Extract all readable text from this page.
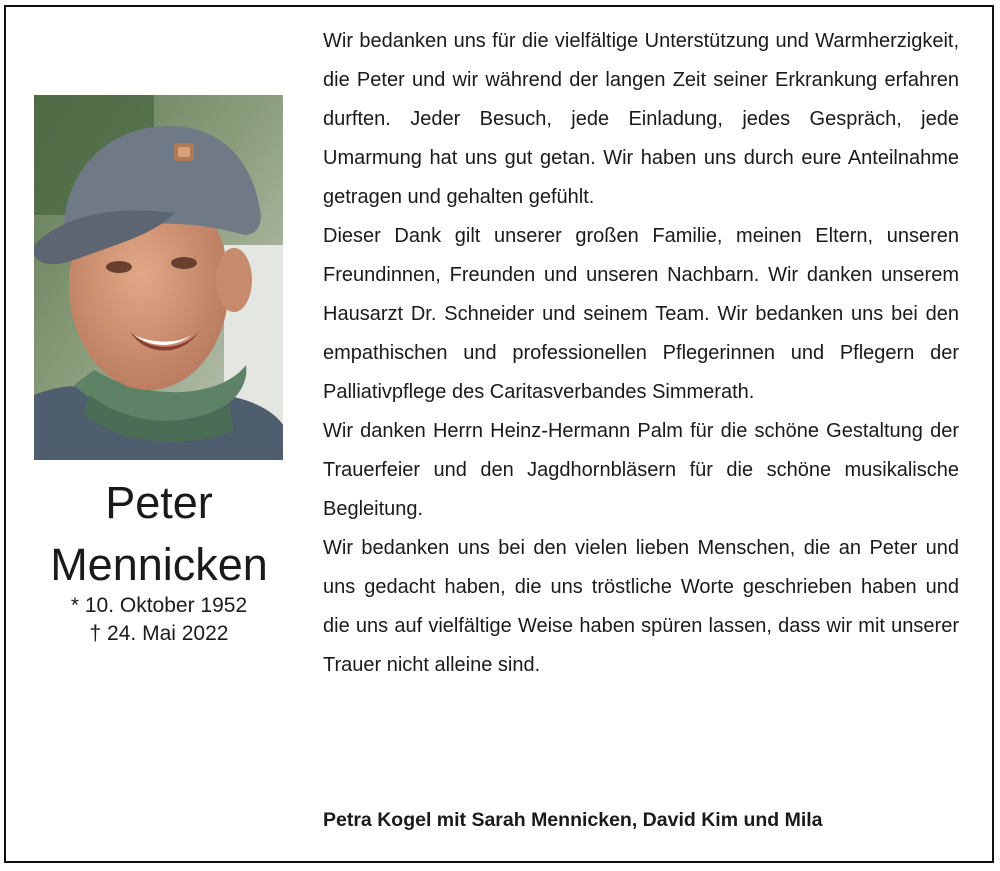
Peter
Mennicken
* 10. Oktober 1952
† 24. Mai 2022

Wir bedanken uns für die vielfältige Unterstützung und Warmherzigkeit, die Peter und wir während der langen Zeit seiner Erkrankung erfahren durften. Jeder Besuch, jede Einladung, jedes Gespräch, jede Umarmung hat uns gut getan. Wir haben uns durch eure Anteilnahme getragen und gehalten gefühlt.

Dieser Dank gilt unserer großen Familie, meinen Eltern, unseren Freundinnen, Freunden und unseren Nachbarn. Wir danken unserem Hausarzt Dr. Schneider und seinem Team. Wir bedanken uns bei den empathischen und professionellen Pflegerinnen und Pflegern der Palliativpflege des Caritasverbandes Simmerath.

Wir danken Herrn Heinz-Hermann Palm für die schöne Gestaltung der Trauerfeier und den Jagdhornbläsern für die schöne musikalische Begleitung.

Wir bedanken uns bei den vielen lieben Menschen, die an Peter und uns gedacht haben, die uns tröstliche Worte geschrieben haben und die uns auf vielfältige Weise haben spüren lassen, dass wir mit unserer Trauer nicht alleine sind.

Petra Kogel mit Sarah Mennicken, David Kim und Mila
